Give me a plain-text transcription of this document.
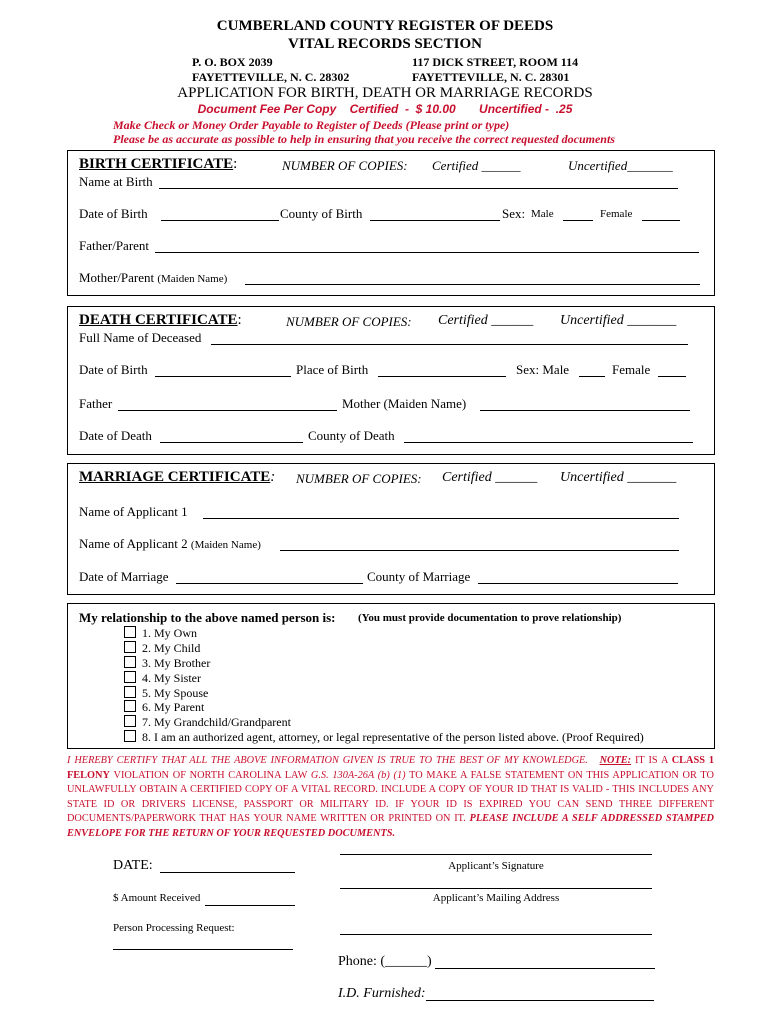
CUMBERLAND COUNTY REGISTER OF DEEDS
VITAL RECORDS SECTION
P. O. BOX 2039	117 DICK STREET, ROOM 114
FAYETTEVILLE, N. C. 28302	FAYETTEVILLE, N. C. 28301
APPLICATION FOR BIRTH, DEATH OR MARRIAGE RECORDS
Document Fee Per Copy    Certified  -  $ 10.00       Uncertified -  .25
Make Check or Money Order Payable to Register of Deeds (Please print or type)
Please be as accurate as possible to help in ensuring that you receive the correct requested documents
BIRTH CERTIFICATE:	NUMBER OF COPIES: Certified ______	Uncertified_______
Name at Birth
Date of Birth	County of Birth	Sex: Male	Female
Father/Parent
Mother/Parent (Maiden Name)
DEATH CERTIFICATE:	NUMBER OF COPIES: Certified ______ Uncertified _______
Full Name of Deceased
Date of Birth	Place of Birth	Sex: Male	Female
Father	Mother (Maiden Name)
Date of Death	County of Death
MARRIAGE CERTIFICATE: NUMBER OF COPIES: Certified ______ Uncertified _______
Name of Applicant 1
Name of Applicant 2 (Maiden Name)
Date of Marriage	County of Marriage
My relationship to the above named person is: (You must provide documentation to prove relationship)
1. My Own
2. My Child
3. My Brother
4. My Sister
5. My Spouse
6. My Parent
7. My Grandchild/Grandparent
8. I am an authorized agent, attorney, or legal representative of the person listed above. (Proof Required)
I HEREBY CERTIFY THAT ALL THE ABOVE INFORMATION GIVEN IS TRUE TO THE BEST OF MY KNOWLEDGE. NOTE: IT IS A CLASS 1 FELONY VIOLATION OF NORTH CAROLINA LAW G.S. 130A-26A (b) (1) TO MAKE A FALSE STATEMENT ON THIS APPLICATION OR TO UNLAWFULLY OBTAIN A CERTIFIED COPY OF A VITAL RECORD. INCLUDE A COPY OF YOUR ID THAT IS VALID - THIS INCLUDES ANY STATE ID OR DRIVERS LICENSE, PASSPORT OR MILITARY ID. IF YOUR ID IS EXPIRED YOU CAN SEND THREE DIFFERENT DOCUMENTS/PAPERWORK THAT HAS YOUR NAME WRITTEN OR PRINTED ON IT. PLEASE INCLUDE A SELF ADDRESSED STAMPED ENVELOPE FOR THE RETURN OF YOUR REQUESTED DOCUMENTS.
DATE:
$ Amount Received
Person Processing Request:
Applicant’s Signature
Applicant’s Mailing Address
Phone: (______)
I.D. Furnished:
